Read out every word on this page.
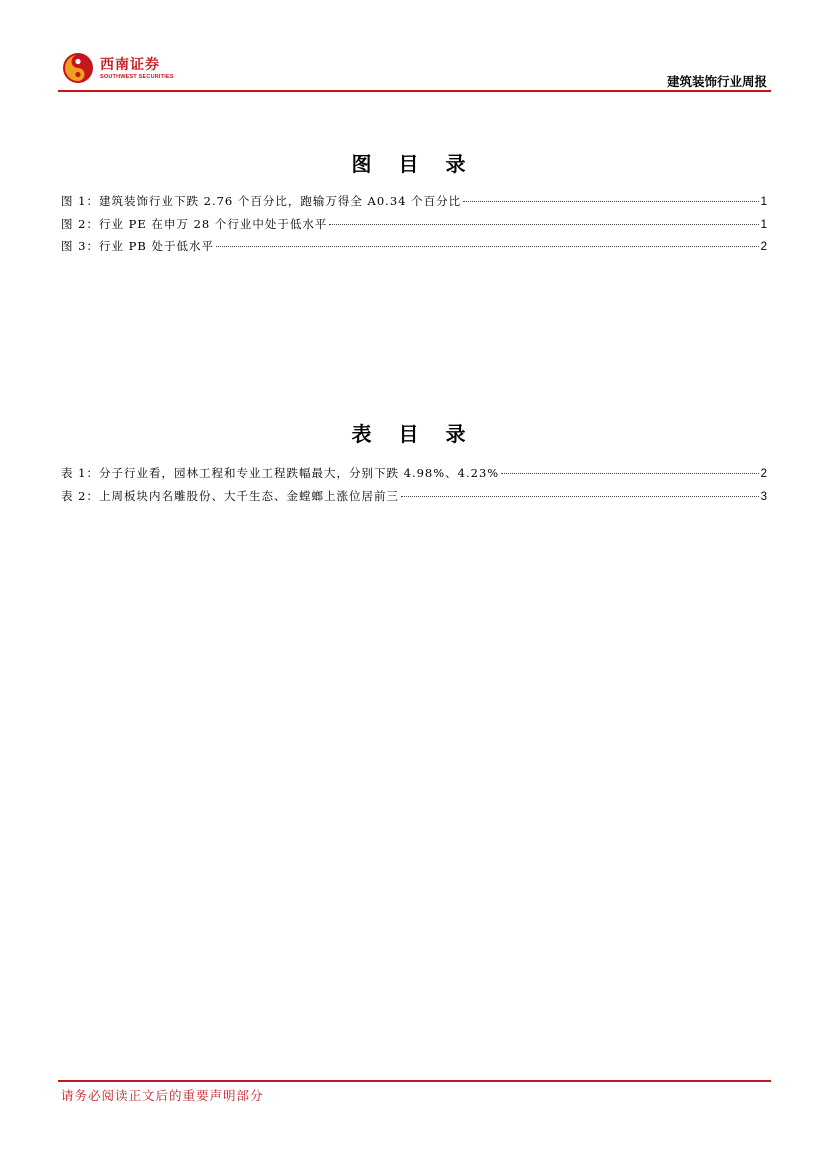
西南证券
SOUTHWEST SECURITIES	建筑装饰行业周报
图 目 录
图 1：建筑装饰行业下跌 2.76 个百分比，跑输万得全 A0.34 个百分比	1
图 2：行业 PE 在申万 28 个行业中处于低水平	1
图 3：行业 PB 处于低水平	2
表 目 录
表 1：分子行业看，园林工程和专业工程跌幅最大，分别下跌 4.98%、4.23%	2
表 2：上周板块内名雕股份、大千生态、金螳螂上涨位居前三	3
请务必阅读正文后的重要声明部分
